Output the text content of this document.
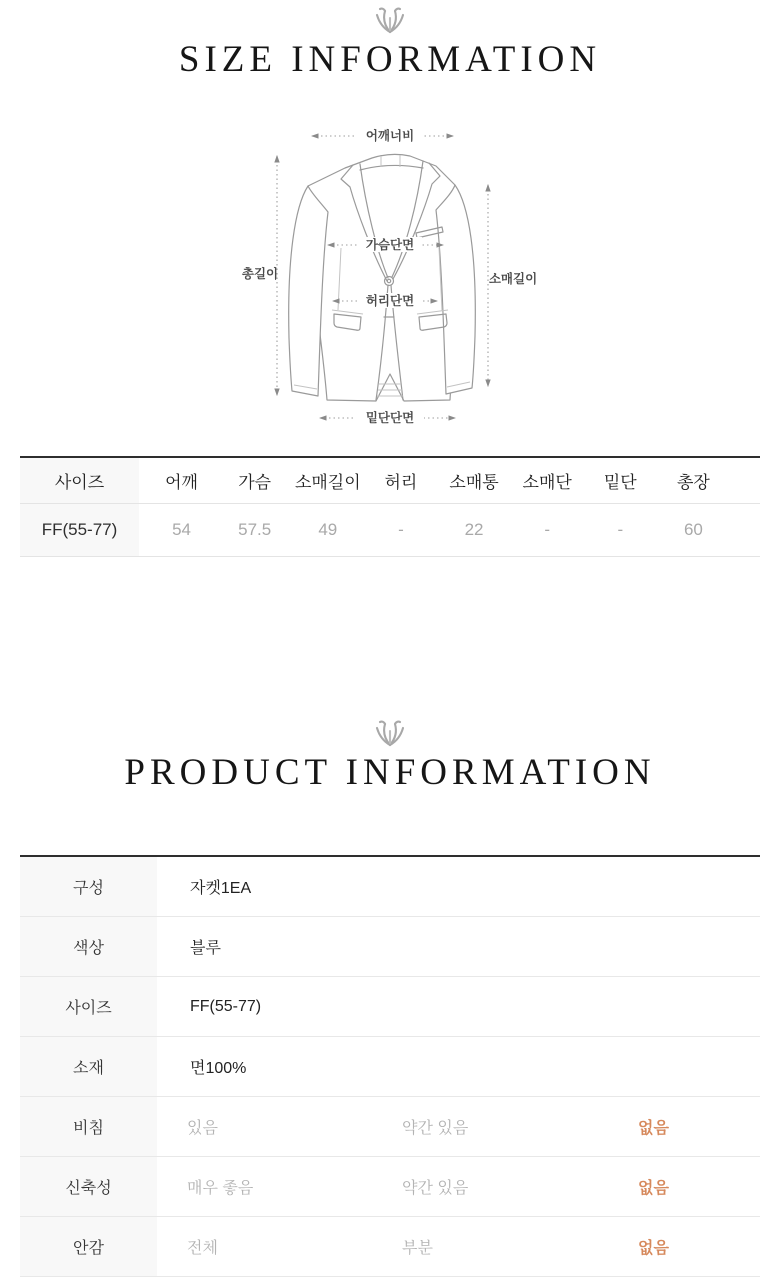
SIZE INFORMATION
어깨너비
총길이	소매길이
가슴단면
허리단면
밑단단면
사이즈	어깨	가슴	소매길이	허리	소매통	소매단	밑단	총장
FF(55-77)	54	57.5	49	-	22	-	-	60
PRODUCT INFORMATION
구성	자켓1EA
색상	블루
사이즈	FF(55-77)
소재	면100%
비침	있음	약간 있음	없음
신축성	매우 좋음	약간 있음	없음
안감	전체	부분	없음
